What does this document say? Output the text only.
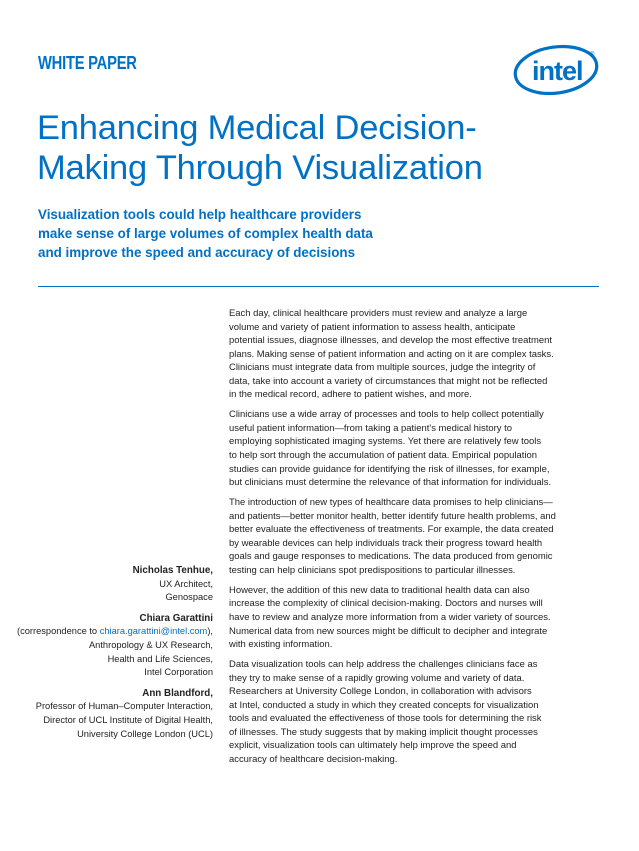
WHITE PAPER	intel
®
Enhancing Medical Decision-
Making Through Visualization
Visualization tools could help healthcare providers
make sense of large volumes of complex health data
and improve the speed and accuracy of decisions
Nicholas Tenhue,
UX Architect,
Genospace
Chiara Garattini
(correspondence to chiara.garattini@intel.com),
Anthropology & UX Research,
Health and Life Sciences,
Intel Corporation
Ann Blandford,
Professor of Human–Computer Interaction,
Director of UCL Institute of Digital Health,
University College London (UCL)

Each day, clinical healthcare providers must review and analyze a large
volume and variety of patient information to assess health, anticipate
potential issues, diagnose illnesses, and develop the most effective treatment
plans. Making sense of patient information and acting on it are complex tasks.
Clinicians must integrate data from multiple sources, judge the integrity of
data, take into account a variety of circumstances that might not be reflected
in the medical record, adhere to patient wishes, and more.

Clinicians use a wide array of processes and tools to help collect potentially
useful patient information—from taking a patient's medical history to
employing sophisticated imaging systems. Yet there are relatively few tools
to help sort through the accumulation of patient data. Empirical population
studies can provide guidance for identifying the risk of illnesses, for example,
but clinicians must determine the relevance of that information for individuals.

The introduction of new types of healthcare data promises to help clinicians—
and patients—better monitor health, better identify future health problems, and
better evaluate the effectiveness of treatments. For example, the data created
by wearable devices can help individuals track their progress toward health
goals and gauge responses to medications. The data produced from genomic
testing can help clinicians spot predispositions to particular illnesses.

However, the addition of this new data to traditional health data can also
increase the complexity of clinical decision-making. Doctors and nurses will
have to review and analyze more information from a wider variety of sources.
Numerical data from new sources might be difficult to decipher and integrate
with existing information.

Data visualization tools can help address the challenges clinicians face as
they try to make sense of a rapidly growing volume and variety of data.
Researchers at University College London, in collaboration with advisors
at Intel, conducted a study in which they created concepts for visualization
tools and evaluated the effectiveness of those tools for determining the risk
of illnesses. The study suggests that by making implicit thought processes
explicit, visualization tools can ultimately help improve the speed and
accuracy of healthcare decision-making.
